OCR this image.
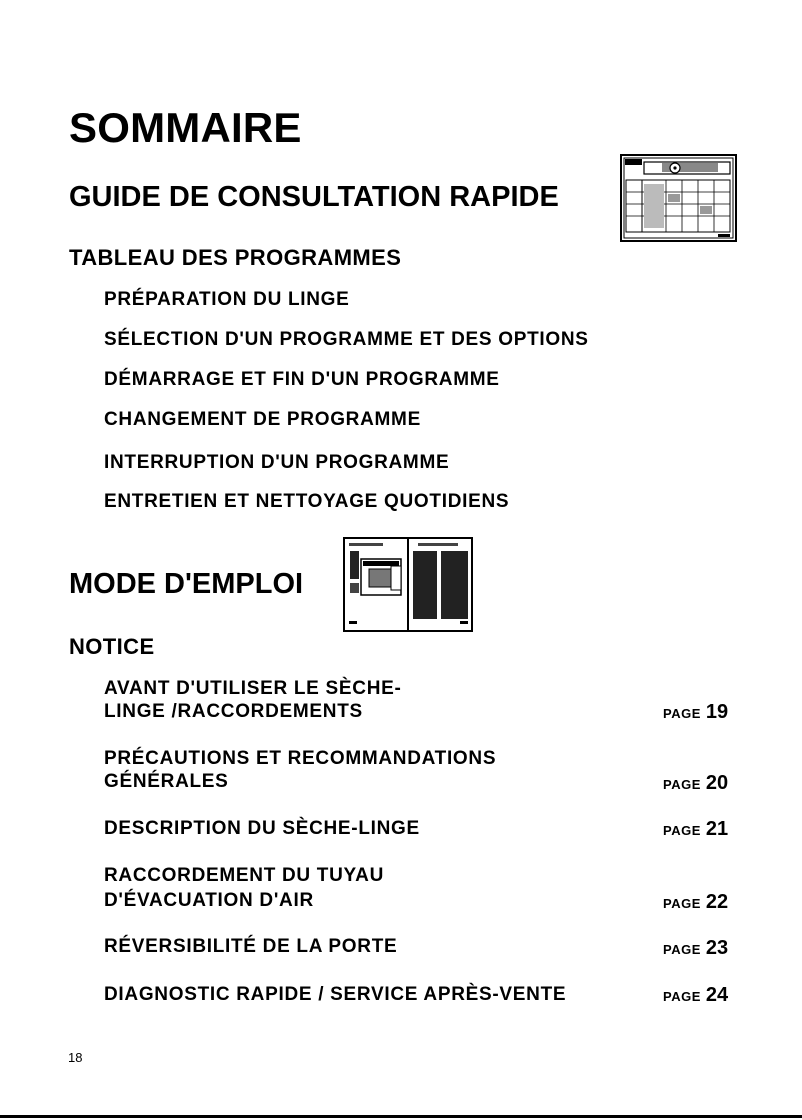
SOMMAIRE
GUIDE DE CONSULTATION RAPIDE
TABLEAU DES PROGRAMMES

PRÉPARATION DU LINGE

SÉLECTION D'UN PROGRAMME ET DES OPTIONS

DÉMARRAGE ET FIN D'UN PROGRAMME

CHANGEMENT DE PROGRAMME

INTERRUPTION D'UN PROGRAMME

ENTRETIEN ET NETTOYAGE QUOTIDIENS

MODE D'EMPLOI
NOTICE

AVANT D'UTILISER LE SÈCHE-

LINGE /RACCORDEMENTS	PAGE 19

PRÉCAUTIONS ET RECOMMANDATIONS

GÉNÉRALES	PAGE 20

DESCRIPTION DU SÈCHE-LINGE	PAGE 21

RACCORDEMENT DU TUYAU

D'ÉVACUATION D'AIR	PAGE 22

RÉVERSIBILITÉ DE LA PORTE	PAGE 23

DIAGNOSTIC RAPIDE / SERVICE APRÈS-VENTE	PAGE 24

18
